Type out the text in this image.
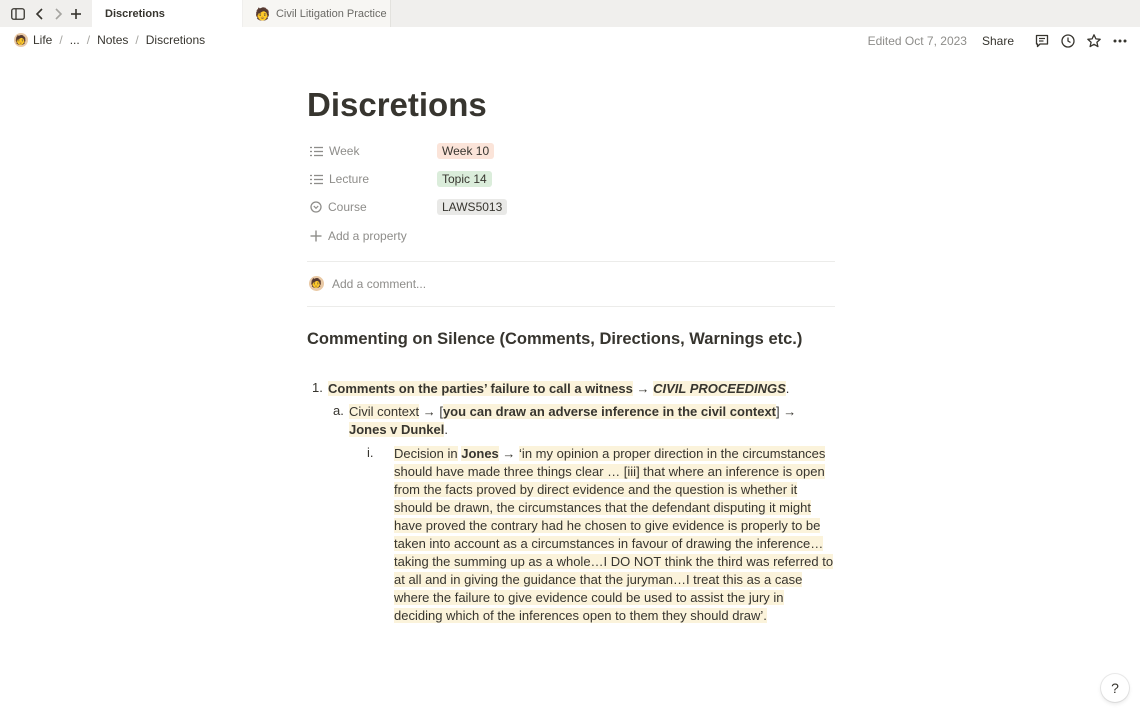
Discretions	🧑 Civil Litigation Practice
🧑 Life / ... / Notes / Discretions	Edited Oct 7, 2023 Share
Discretions
Week	Week 10
Lecture	Topic 14
Course	LAWS5013
Add a property
🧑 Add a comment...
Commenting on Silence (Comments, Directions, Warnings etc.)
1. Comments on the parties’ failure to call a witness → CIVIL PROCEEDINGS.
a. Civil context → [you can draw an adverse inference in the civil context] → Jones v Dunkel.
i. Decision in Jones → ‘in my opinion a proper direction in the circumstances should have made three things clear … [iii] that where an inference is open from the facts proved by direct evidence and the question is whether it should be drawn, the circumstances that the defendant disputing it might have proved the contrary had he chosen to give evidence is properly to be taken into account as a circumstances in favour of drawing the inference…taking the summing up as a whole…I DO NOT think the third was referred to at all and in giving the guidance that the juryman…I treat this as a case where the failure to give evidence could be used to assist the jury in deciding which of the inferences open to them they should draw’.
?
